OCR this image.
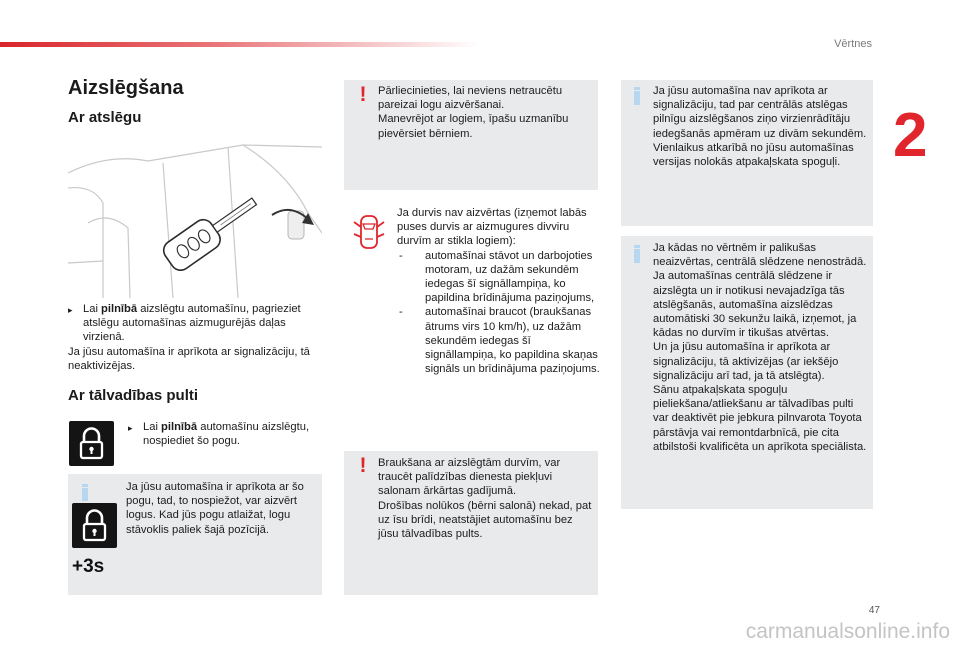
Vērtnes
2
Aizslēgšana
Ar atslēgu
▸ Lai pilnībā aizslēgtu automašīnu, pagrieziet atslēgu automašīnas aizmugurējās daļas virzienā.
Ja jūsu automašīna ir aprīkota ar signalizāciju, tā neaktivizējas.
Ar tālvadības pulti
▸ Lai pilnībā automašīnu aizslēgtu, nospiediet šo pogu.
+3s
Ja jūsu automašīna ir aprīkota ar šo pogu, tad, to nospiežot, var aizvērt logus. Kad jūs pogu atlaižat, logu stāvoklis paliek šajā pozīcijā.
!	Pārliecinieties, lai neviens netraucētu pareizai logu aizvēršanai.
Manevrējot ar logiem, īpašu uzmanību pievērsiet bērniem.
Ja durvis nav aizvērtas (izņemot labās puses durvis ar aizmugures divviru durvīm ar stikla logiem):
-	automašīnai stāvot un darbojoties motoram, uz dažām sekundēm iedegas šī signāllampiņa, ko papildina brīdinājuma paziņojums,
-	automašīnai braucot (braukšanas ātrums virs 10 km/h), uz dažām sekundēm iedegas šī signāllampiņa, ko papildina skaņas signāls un brīdinājuma paziņojums.
!	Braukšana ar aizslēgtām durvīm, var traucēt palīdzības dienesta piekļuvi salonam ārkārtas gadījumā.
Drošības nolūkos (bērni salonā) nekad, pat uz īsu brīdi, neatstājiet automašīnu bez jūsu tālvadības pults.
Ja jūsu automašīna nav aprīkota ar signalizāciju, tad par centrālās atslēgas pilnīgu aizslēgšanos ziņo virzienrādītāju iedegšanās apmēram uz divām sekundēm.
Vienlaikus atkarībā no jūsu automašīnas versijas nolokās atpakaļskata spoguļi.
Ja kādas no vērtnēm ir palikušas neaizvērtas, centrālā slēdzene nenostrādā.
Ja automašīnas centrālā slēdzene ir aizslēgta un ir notikusi nevajadzīga tās atslēgšanās, automašīna aizslēdzas automātiski 30 sekunžu laikā, izņemot, ja kādas no durvīm ir tikušas atvērtas.
Un ja jūsu automašīna ir aprīkota ar signalizāciju, tā aktivizējas (ar iekšējo signalizāciju arī tad, ja tā atslēgta).
Sānu atpakaļskata spoguļu pieliekšana/atliekšanu ar tālvadības pulti var deaktivēt pie jebkura pilnvarota Toyota pārstāvja vai remontdarbnīcā, pie cita atbilstoši kvalificēta un aprīkota speciālista.
47
carmanualsonline.info
